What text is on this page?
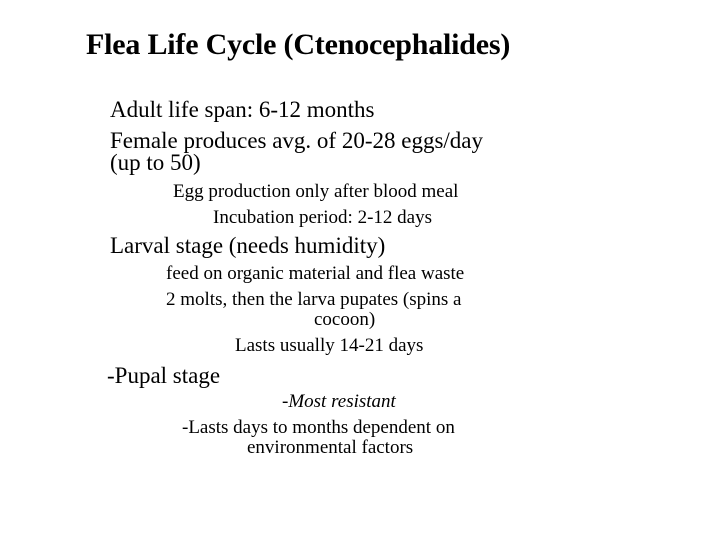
Flea Life Cycle (Ctenocephalides)
Adult life span: 6-12 months
Female produces avg. of 20-28 eggs/day
(up to 50)
Egg production only after blood meal
Incubation period: 2-12 days
Larval stage (needs humidity)
feed on organic material and flea waste
2 molts, then the larva pupates (spins a
cocoon)
Lasts usually 14-21 days
-Pupal stage
-Most resistant
-Lasts days to months dependent on
environmental factors
